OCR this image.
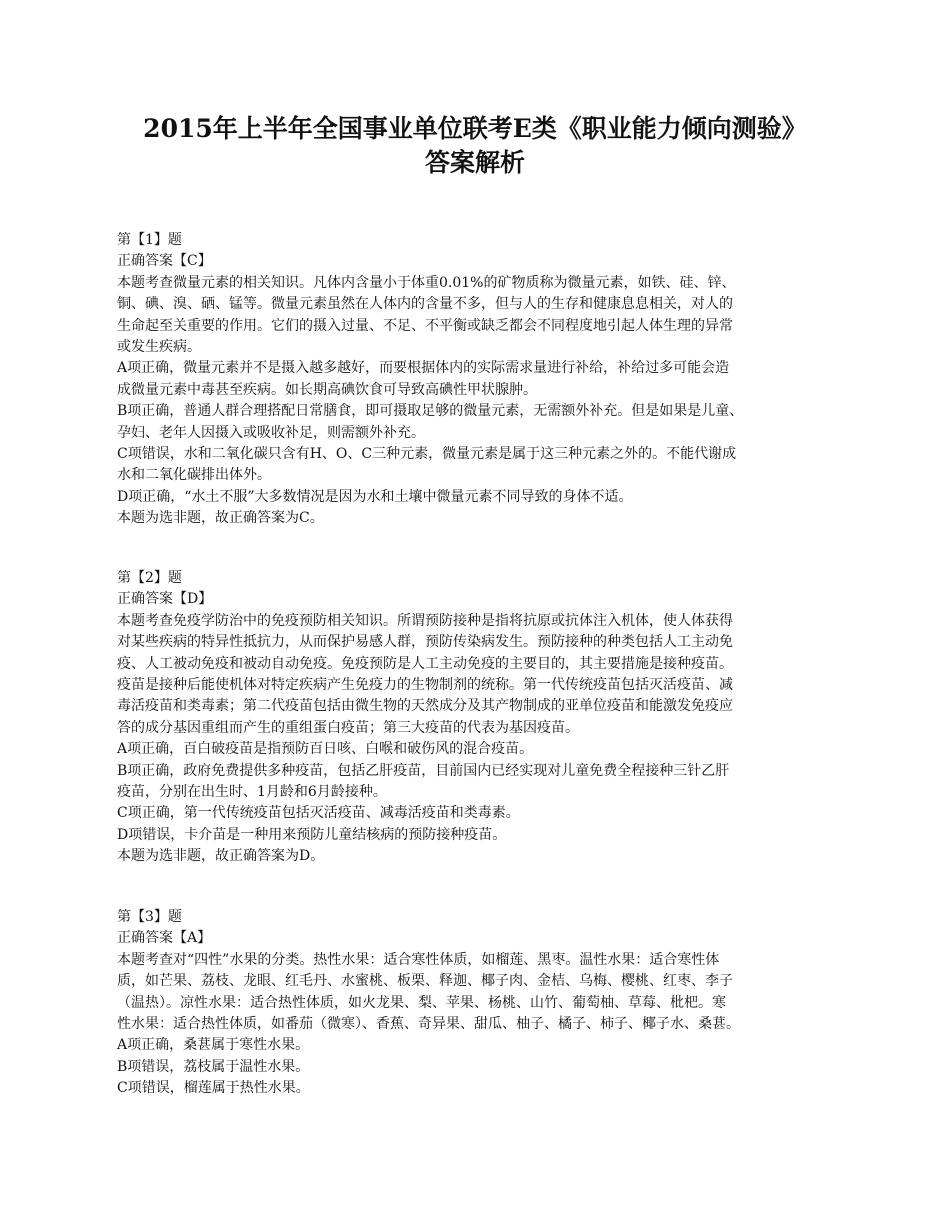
2015年上半年全国事业单位联考E类《职业能力倾向测验》
答案解析

第【1】题

正确答案【C】

本题考查微量元素的相关知识。凡体内含量小于体重0.01%的矿物质称为微量元素，如铁、硅、锌、

铜、碘、溴、硒、锰等。微量元素虽然在人体内的含量不多，但与人的生存和健康息息相关，对人的

生命起至关重要的作用。它们的摄入过量、不足、不平衡或缺乏都会不同程度地引起人体生理的异常

或发生疾病。

A项正确，微量元素并不是摄入越多越好，而要根据体内的实际需求量进行补给，补给过多可能会造

成微量元素中毒甚至疾病。如长期高碘饮食可导致高碘性甲状腺肿。

B项正确，普通人群合理搭配日常膳食，即可摄取足够的微量元素，无需额外补充。但是如果是儿童、

孕妇、老年人因摄入或吸收补足，则需额外补充。

C项错误，水和二氧化碳只含有H、O、C三种元素，微量元素是属于这三种元素之外的。不能代谢成

水和二氧化碳排出体外。

D项正确，“水土不服”大多数情况是因为水和土壤中微量元素不同导致的身体不适。

本题为选非题，故正确答案为C。

第【2】题

正确答案【D】

本题考查免疫学防治中的免疫预防相关知识。所谓预防接种是指将抗原或抗体注入机体，使人体获得

对某些疾病的特异性抵抗力，从而保护易感人群，预防传染病发生。预防接种的种类包括人工主动免

疫、人工被动免疫和被动自动免疫。免疫预防是人工主动免疫的主要目的，其主要措施是接种疫苗。

疫苗是接种后能使机体对特定疾病产生免疫力的生物制剂的统称。第一代传统疫苗包括灭活疫苗、减

毒活疫苗和类毒素；第二代疫苗包括由微生物的天然成分及其产物制成的亚单位疫苗和能激发免疫应

答的成分基因重组而产生的重组蛋白疫苗；第三大疫苗的代表为基因疫苗。

A项正确，百白破疫苗是指预防百日咳、白喉和破伤风的混合疫苗。

B项正确，政府免费提供多种疫苗，包括乙肝疫苗，目前国内已经实现对儿童免费全程接种三针乙肝

疫苗，分别在出生时、1月龄和6月龄接种。

C项正确，第一代传统疫苗包括灭活疫苗、减毒活疫苗和类毒素。

D项错误，卡介苗是一种用来预防儿童结核病的预防接种疫苗。

本题为选非题，故正确答案为D。

第【3】题

正确答案【A】

本题考查对“四性”水果的分类。热性水果：适合寒性体质，如榴莲、黑枣。温性水果：适合寒性体

质，如芒果、荔枝、龙眼、红毛丹、水蜜桃、板栗、释迦、椰子肉、金桔、乌梅、樱桃、红枣、李子

（温热）。凉性水果：适合热性体质，如火龙果、梨、苹果、杨桃、山竹、葡萄柚、草莓、枇杷。寒

性水果：适合热性体质，如番茄（微寒）、香蕉、奇异果、甜瓜、柚子、橘子、柿子、椰子水、桑葚。

A项正确，桑葚属于寒性水果。

B项错误，荔枝属于温性水果。

C项错误，榴莲属于热性水果。
